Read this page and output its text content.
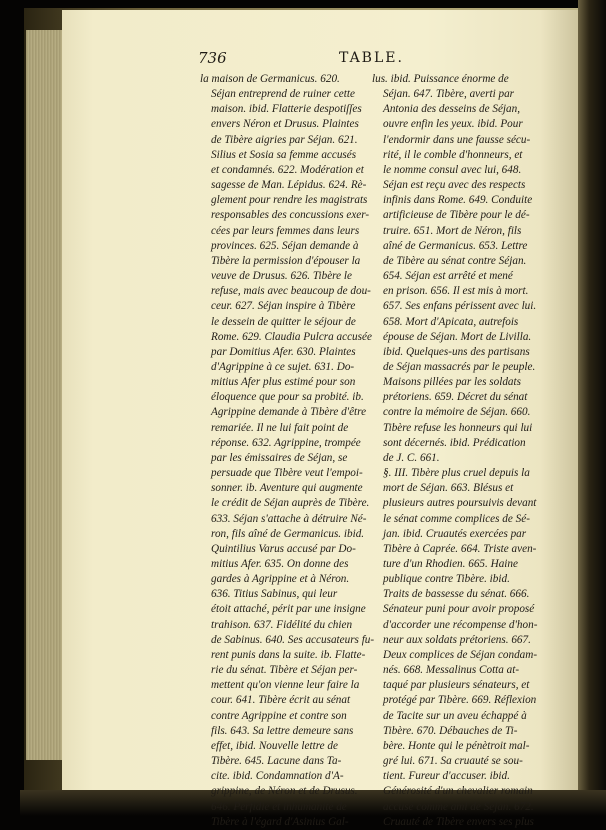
736	TABLE.
la maison de Germanicus. 620.
Séjan entreprend de ruiner cette
maison. ibid. Flatterie despotiſſes
envers Néron et Drusus. Plaintes
de Tibère aigries par Séjan. 621.
Silius et Sosia sa femme accusés
et condamnés. 622. Modération et
sagesse de Man. Lépidus. 624. Rè-
glement pour rendre les magistrats
responsables des concussions exer-
cées par leurs femmes dans leurs
provinces. 625. Séjan demande à
Tibère la permission d'épouser la
veuve de Drusus. 626. Tibère le
refuse, mais avec beaucoup de dou-
ceur. 627. Séjan inspire à Tibère
le dessein de quitter le séjour de
Rome. 629. Claudia Pulcra accusée
par Domitius Afer. 630. Plaintes
d'Agrippine à ce sujet. 631. Do-
mitius Afer plus estimé pour son
éloquence que pour sa probité. ib.
Agrippine demande à Tibère d'être
remariée. Il ne lui fait point de
réponse. 632. Agrippine, trompée
par les émissaires de Séjan, se
persuade que Tibère veut l'empoi-
sonner. ib. Aventure qui augmente
le crédit de Séjan auprès de Tibère.
633. Séjan s'attache à détruire Né-
ron, fils aîné de Germanicus. ibid.
Quintilius Varus accusé par Do-
mitius Afer. 635. On donne des
gardes à Agrippine et à Néron.
636. Titius Sabinus, qui leur
étoit attaché, périt par une insigne
trahison. 637. Fidélité du chien
de Sabinus. 640. Ses accusateurs fu-
rent punis dans la suite. ib. Flatte-
rie du sénat. Tibère et Séjan per-
mettent qu'on vienne leur faire la
cour. 641. Tibère écrit au sénat
contre Agrippine et contre son
fils. 643. Sa lettre demeure sans
effet, ibid. Nouvelle lettre de
Tibère. 645. Lacune dans Ta-
cite. ibid. Condamnation d'A-
grippine, de Néron et de Drusus.
646. Perfidie et inhumanité de
Tibère à l'égard d'Asinius Gal-
lus. ibid. Puissance énorme de
Séjan. 647. Tibère, averti par
Antonia des desseins de Séjan,
ouvre enfin les yeux. ibid. Pour
l'endormir dans une fausse sécu-
rité, il le comble d'honneurs, et
le nomme consul avec lui, 648.
Séjan est reçu avec des respects
infinis dans Rome. 649. Conduite
artificieuse de Tibère pour le dé-
truire. 651. Mort de Néron, fils
aîné de Germanicus. 653. Lettre
de Tibère au sénat contre Séjan.
654. Séjan est arrêté et mené
en prison. 656. Il est mis à mort.
657. Ses enfans périssent avec lui.
658. Mort d'Apicata, autrefois
épouse de Séjan. Mort de Livilla.
ibid. Quelques-uns des partisans
de Séjan massacrés par le peuple.
Maisons pillées par les soldats
prétoriens. 659. Décret du sénat
contre la mémoire de Séjan. 660.
Tibère refuse les honneurs qui lui
sont décernés. ibid. Prédication
de J. C. 661.
§. III. Tibère plus cruel depuis la
mort de Séjan. 663. Blésus et
plusieurs autres poursuivis devant
le sénat comme complices de Sé-
jan. ibid. Cruautés exercées par
Tibère à Caprée. 664. Triste aven-
ture d'un Rhodien. 665. Haine
publique contre Tibère. ibid.
Traits de bassesse du sénat. 666.
Sénateur puni pour avoir proposé
d'accorder une récompense d'hon-
neur aux soldats prétoriens. 667.
Deux complices de Séjan condam-
nés. 668. Messalinus Cotta at-
taqué par plusieurs sénateurs, et
protégé par Tibère. 669. Réflexion
de Tacite sur un aveu échappé à
Tibère. 670. Débauches de Ti-
bère. Honte qui le pénètroit mal-
gré lui. 671. Sa cruauté se sou-
tient. Fureur d'accuser. ibid.
Générosité d'un chevalier romain
accusé comme ami de Séjan. 672.
Cruauté de Tibère envers ses plus
